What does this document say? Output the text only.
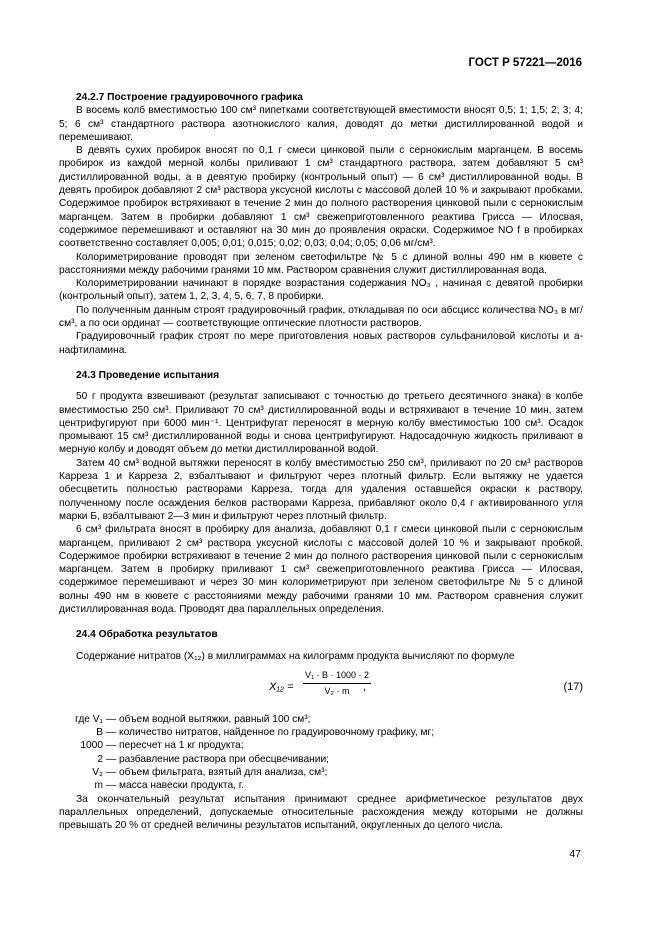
ГОСТ Р 57221—2016
24.2.7 Построение градуировочного графика

В восемь колб вместимостью 100 см³ пипетками соответствующей вместимости вносят 0,5; 1; 1,5; 2; 3; 4; 5; 6 см³ стандартного раствора азотнокислого калия, доводят до метки дистиллированной водой и перемешивают.

В девять сухих пробирок вносят по 0,1 г смеси цинковой пыли с сернокислым марганцем. В восемь пробирок из каждой мерной колбы приливают 1 см³ стандартного раствора, затем добавляют 5 см³ дистиллированной воды, а в девятую пробирку (контрольный опыт) — 6 см³ дистиллированной воды. В девять пробирок добавляют 2 см³ раствора уксусной кислоты с массовой долей 10 % и закрывают пробками. Содержимое пробирок встряхивают в течение 2 мин до полного растворения цинковой пыли с сернокислым марганцем. Затем в пробирки добавляют 1 см³ свежеприготовленного реактива Грисса — Илосвая, содержимое перемешивают и оставляют на 30 мин до проявления окраски. Содержимое NO f в пробирках соответственно составляет 0,005; 0,01; 0,015; 0,02; 0,03; 0,04; 0,05; 0,06 мг/см³.

Колориметрирование проводят при зеленом светофильтре № 5 с длиной волны 490 нм в кювете с расстояниями между рабочими гранями 10 мм. Раствором сравнения служит дистиллированная вода.

Колориметрировании начинают в порядке возрастания содержания NO₃ , начиная с девятой пробирки (контрольный опыт), затем 1, 2, 3, 4, 5, 6, 7, 8 пробирки.

По полученным данным строят градуировочный график, откладывая по оси абсцисс количества NO₃ в мг/см³, а по оси ординат — соответствующие оптические плотности растворов.

Градуировочный график строят по мере приготовления новых растворов сульфаниловой кислоты и а-нафтиламина.

24.3 Проведение испытания

50 г продукта взвешивают (результат записывают с точностью до третьего десятичного знака) в колбе вместимостью 250 см³. Приливают 70 см³ дистиллированной воды и встряхивают в течение 10 мин, затем центрифугируют при 6000 мин⁻¹. Центрифугат переносят в мерную колбу вместимостью 100 см³. Осадок промывают 15 см³ дистиллированной воды и снова центрифугируют. Надосадочную жидкость приливают в мерную колбу и доводят объем до метки дистиллированной водой.

Затем 40 см³ водной вытяжки переносят в колбу вместимостью 250 см³, приливают по 20 см³ растворов Карреза 1 и Карреза 2, взбалтывают и фильтруют через плотный фильтр. Если вытяжку не удается обесцветить полностью растворами Карреза, тогда для удаления оставшейся окраски к раствору, полученному после осаждения белков растворами Карреза, прибавляют около 0,4 г активированного угля марки Б, взбалтывают 2—3 мин и фильтруют через плотный фильтр.

6 см³ фильтрата вносят в пробирку для анализа, добавляют 0,1 г смеси цинковой пыли с сернокислым марганцем, приливают 2 см³ раствора уксусной кислоты с массовой долей 10 % и закрывают пробкой. Содержимое пробирки встряхивают в течение 2 мин до полного растворения цинковой пыли с сернокислым марганцем. Затем в пробирку приливают 1 см³ свежеприготовленного реактива Грисса — Илосвая, содержимое перемешивают и через 30 мин колориметрируют при зеленом светофильтре № 5 с длиной волны 490 нм в кювете с расстояниями между рабочими гранями 10 мм. Раствором сравнения служит дистиллированная вода. Проводят два параллельных определения.

24.4 Обработка результатов

Содержание нитратов (X₁₂) в миллиграммах на килограмм продукта вычисляют по формуле

$X_{12} = \frac{\text{V₁ · B · 1000 · 2}}{\text{V₂ · m}}$
,	(17)
где V₁ — объем водной вытяжки, равный 100 см³;
B — количество нитратов, найденное по градуировочному графику, мг;
1000 — пересчет на 1 кг продукта;
2 — разбавление раствора при обесцвечивании;
V₂ — объем фильтрата, взятый для анализа, см³;
m — масса навески продукта, г.

За окончательный результат испытания принимают среднее арифметическое результатов двух параллельных определений, допускаемые относительные расхождения между которыми не должны превышать 20 % от средней величины результатов испытаний, округленных до целого числа.

47
